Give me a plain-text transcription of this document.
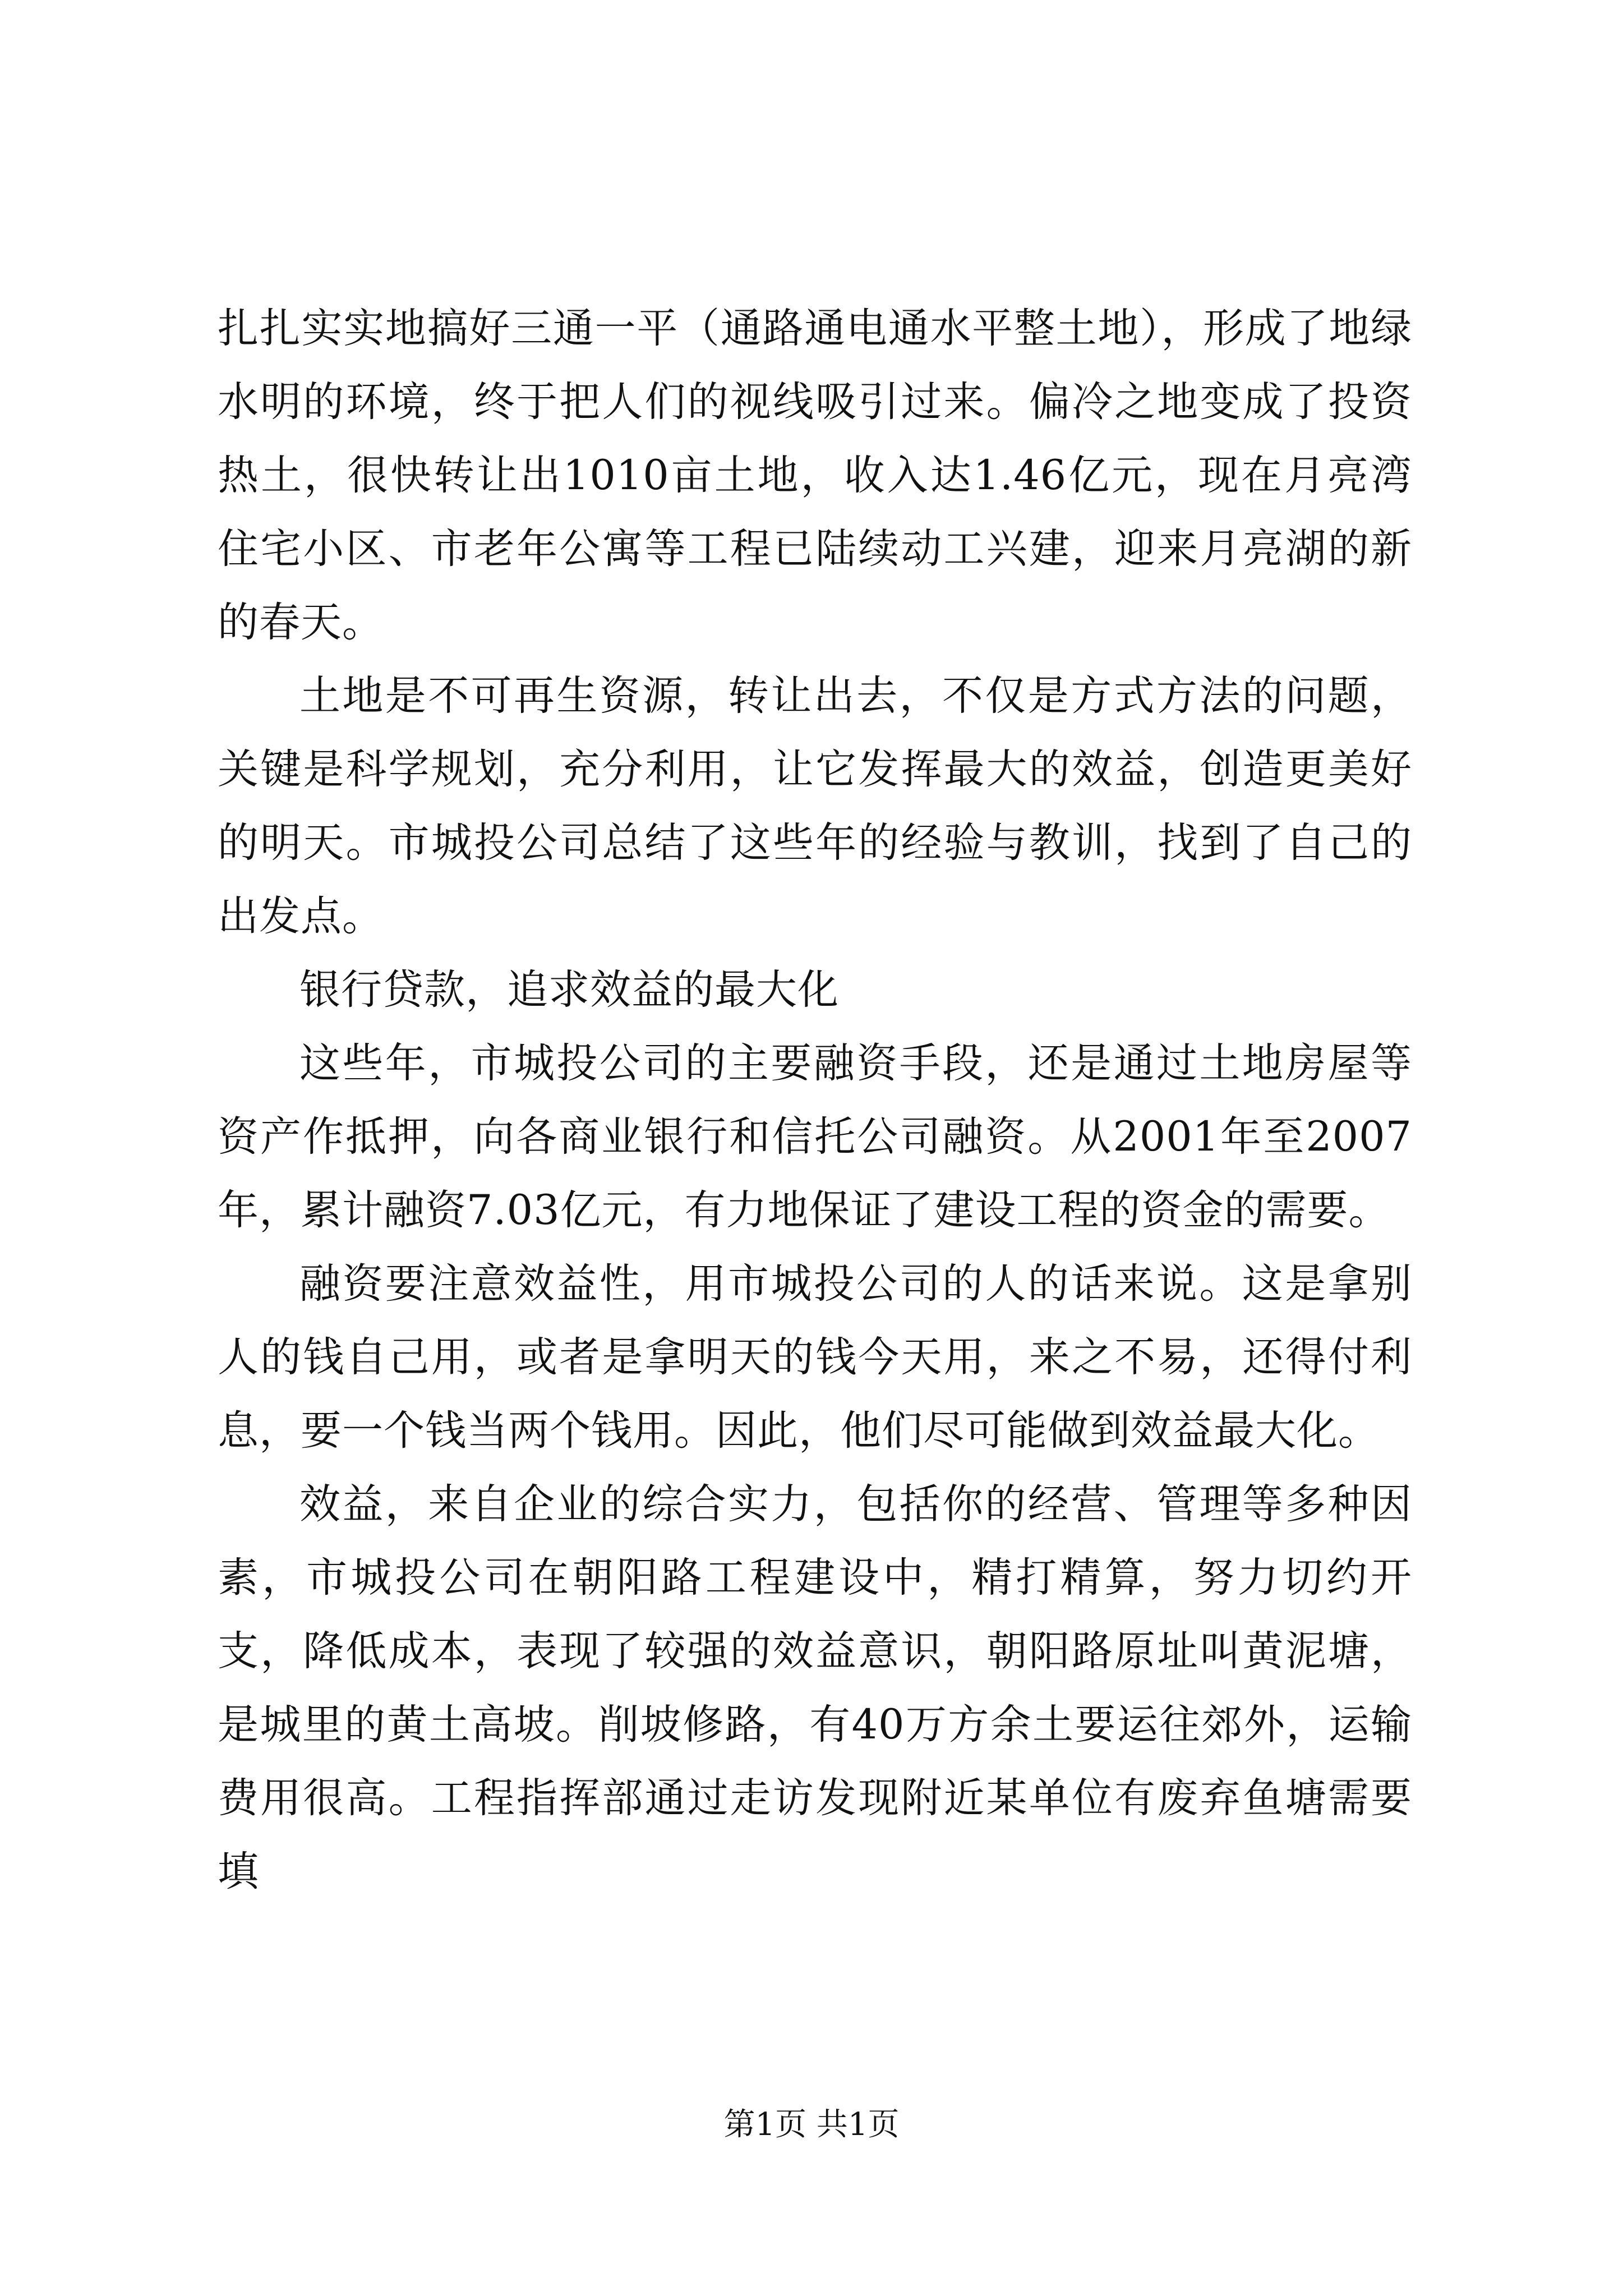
扎扎实实地搞好三通一平（通路通电通水平整土地），形成了地绿水明的环境，终于把人们的视线吸引过来。偏冷之地变成了投资热土，很快转让出1010亩土地，收入达1.46亿元，现在月亮湾住宅小区、市老年公寓等工程已陆续动工兴建，迎来月亮湖的新的春天。

土地是不可再生资源，转让出去，不仅是方式方法的问题，关键是科学规划，充分利用，让它发挥最大的效益，创造更美好的明天。市城投公司总结了这些年的经验与教训，找到了自己的出发点。

银行贷款，追求效益的最大化

这些年，市城投公司的主要融资手段，还是通过土地房屋等资产作抵押，向各商业银行和信托公司融资。从2001年至2007年，累计融资7.03亿元，有力地保证了建设工程的资金的需要。

融资要注意效益性，用市城投公司的人的话来说。这是拿别人的钱自己用，或者是拿明天的钱今天用，来之不易，还得付利息，要一个钱当两个钱用。因此，他们尽可能做到效益最大化。

效益，来自企业的综合实力，包括你的经营、管理等多种因素，市城投公司在朝阳路工程建设中，精打精算，努力切约开支，降低成本，表现了较强的效益意识，朝阳路原址叫黄泥塘，是城里的黄土高坡。削坡修路，有40万方余土要运往郊外，运输费用很高。工程指挥部通过走访发现附近某单位有废弃鱼塘需要填

第1页 共1页
